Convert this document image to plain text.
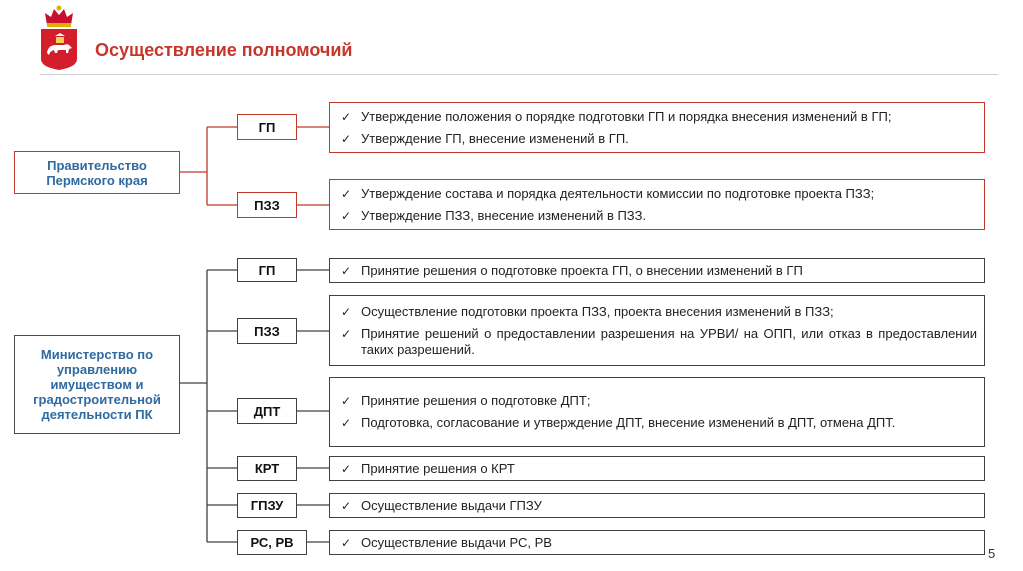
Осуществление полномочий
Правительство Пермского края
ГП
ПЗЗ
✓ Утверждение положения о порядке подготовки ГП и порядка внесения изменений в ГП;
✓ Утверждение ГП, внесение изменений в ГП.
✓ Утверждение состава и порядка деятельности комиссии по подготовке проекта ПЗЗ;
✓ Утверждение ПЗЗ, внесение изменений в ПЗЗ.
Министерство по управлению имуществом и градостроительной деятельности ПК
ГП
ПЗЗ
ДПТ
КРТ
ГПЗУ
РС, РВ
✓ Принятие решения о подготовке проекта ГП, о внесении изменений в ГП
✓ Осуществление подготовки проекта ПЗЗ, проекта внесения изменений в ПЗЗ;
✓ Принятие решений о предоставлении разрешения на УРВИ/ на ОПП, или отказ в предоставлении таких разрешений.
✓ Принятие решения о подготовке ДПТ;
✓ Подготовка, согласование и утверждение ДПТ, внесение изменений в ДПТ, отмена ДПТ.
✓ Принятие решения о КРТ
✓ Осуществление выдачи ГПЗУ
✓ Осуществление выдачи РС, РВ
5
